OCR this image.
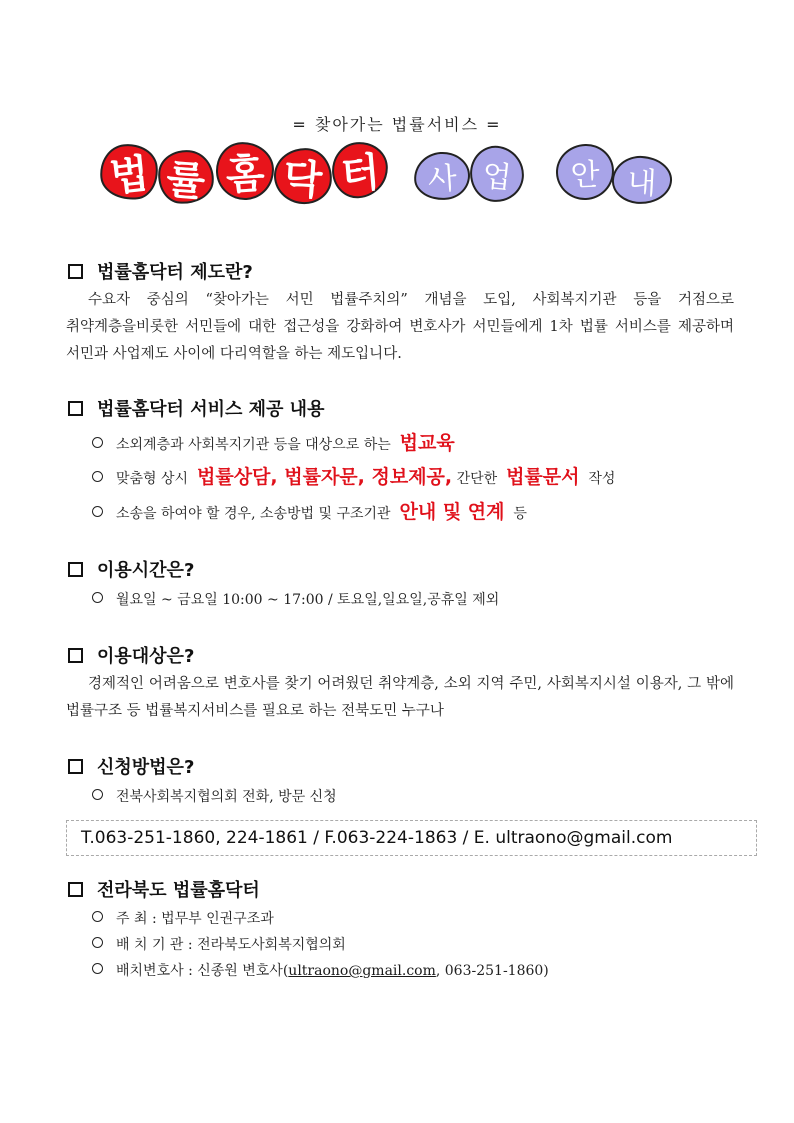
= 찾아가는 법률서비스 =
법 률 홈 닥 터	사 업	안 내
법률홈닥터 제도란?
수요자 중심의 “찾아가는 서민 법률주치의” 개념을 도입, 사회복지기관 등을 거점으로 취약계층을비롯한 서민들에 대한 접근성을 강화하여 변호사가 서민들에게 1차 법률 서비스를 제공하며 서민과 사업제도 사이에 다리역할을 하는 제도입니다.
법률홈닥터 서비스 제공 내용
소외계층과 사회복지기관 등을 대상으로 하는
법교육
맞춤형 상시
법률상담, 법률자문, 정보제공,
간단한
법률문서
작성
소송을 하여야 할 경우, 소송방법 및 구조기관
안내 및 연계
등
이용시간은?
월요일 ~ 금요일 10:00 ~ 17:00 / 토요일,일요일,공휴일 제외
이용대상은?
경제적인 어려움으로 변호사를 찾기 어려웠던 취약계층, 소외 지역 주민, 사회복지시설 이용자, 그 밖에 법률구조 등 법률복지서비스를 필요로 하는 전북도민 누구나
신청방법은?
전북사회복지협의회 전화, 방문 신청
T.063-251-1860, 224-1861 / F.063-224-1863 / E. ultraono@gmail.com
전라북도 법률홈닥터
주 최 : 법무부 인권구조과
배 치 기 관 : 전라북도사회복지협의회
배치변호사 : 신종원 변호사( ultraono@gmail.com , 063-251-1860)
